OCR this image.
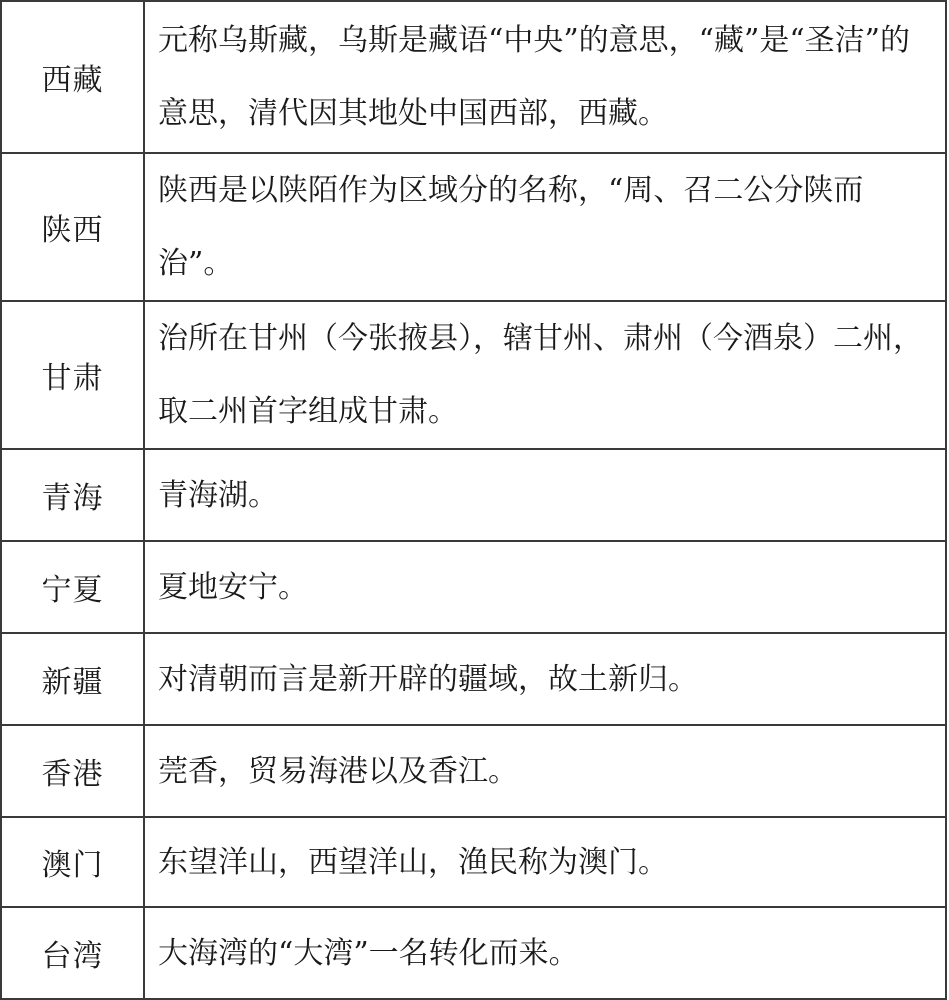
西藏	元称乌斯藏，乌斯是藏语“中央”的意思，“藏”是“圣洁”的意思，清代因其地处中国西部，西藏。
陕西	陕西是以陕陌作为区域分的名称，“周、召二公分陕而治”。
甘肃	治所在甘州（今张掖县），辖甘州、肃州（今酒泉）二州，取二州首字组成甘肃。
青海	青海湖。
宁夏	夏地安宁。
新疆	对清朝而言是新开辟的疆域，故土新归。
香港	莞香，贸易海港以及香江。
澳门	东望洋山，西望洋山，渔民称为澳门。
台湾	大海湾的“大湾”一名转化而来。
